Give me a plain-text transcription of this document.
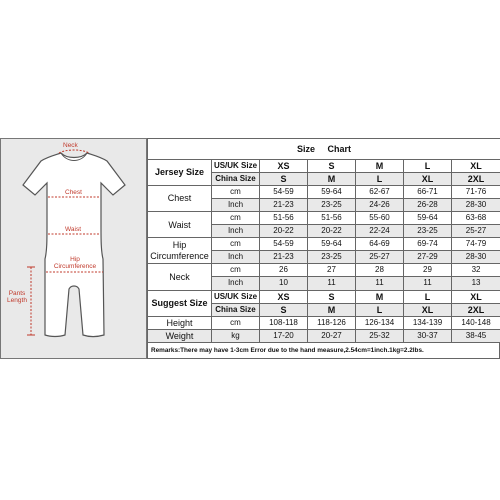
Neck
Chest
Waist
Hip
Circumference
Pants
Length
Size Chart						
Jersey Size	US/UK Size	XS	S	M	L	XL
	China Size	S	M	L	XL	2XL
Chest	cm	54-59	59-64	62-67	66-71	71-76
	Inch	21-23	23-25	24-26	26-28	28-30
Waist	cm	51-56	51-56	55-60	59-64	63-68
	Inch	20-22	20-22	22-24	23-25	25-27

Hip
Circumference	cm	54-59	59-64	64-69	69-74	74-79
	Inch	21-23	23-25	25-27	27-29	28-30
Neck	cm	26	27	28	29	32
	Inch	10	11	11	11	13
Suggest Size	US/UK Size	XS	S	M	L	XL
	China Size	S	M	L	XL	2XL
Height	cm	108-118	118-126	126-134	134-139	140-148
Weight	kg	17-20	20-27	25-32	30-37	38-45
Remarks:There may have 1-3cm Error due to the hand measure,2.54cm=1inch.1kg=2.2lbs.
